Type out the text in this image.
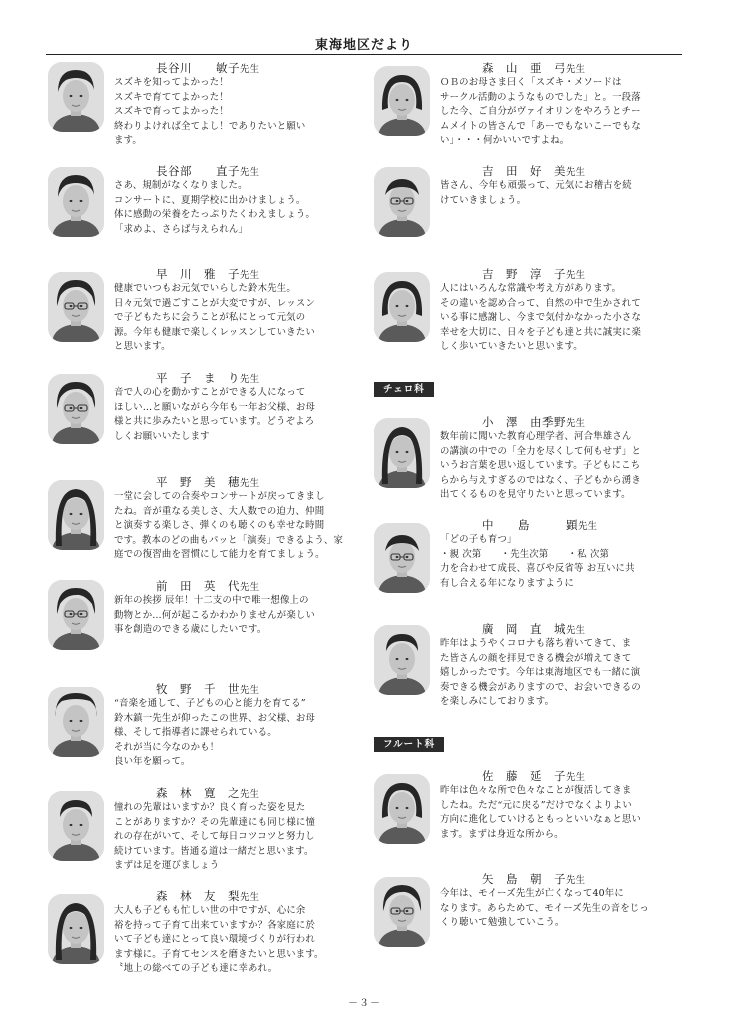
東海地区だより
長谷川　　敏子先生
スズキを知ってよかった！
スズキで育ててよかった！
スズキで育ってよかった！
終わりよければ全てよし！でありたいと願い
ます。
長谷部　　直子先生
さあ、規制がなくなりました。
コンサートに、夏期学校に出かけましょう。
体に感動の栄養をたっぷりたくわえましょう。
「求めよ、さらば与えられん」
早　川　雅　子先生
健康でいつもお元気でいらした鈴木先生。
日々元気で過ごすことが大変ですが、レッスン
で子どもたちに会うことが私にとって元気の
源。今年も健康で楽しくレッスンしていきたい
と思います。
平　子　ま　り先生
音で人の心を動かすことができる人になって
ほしい…と願いながら今年も一年お父様、お母
様と共に歩みたいと思っています。どうぞよろ
しくお願いいたします
平　野　美　穂先生
一堂に会しての合奏やコンサートが戻ってきまし
たね。音が重なる美しさ、大人数での迫力、仲間
と演奏する楽しさ、弾くのも聴くのも幸せな時間
です。教本のどの曲もパッと「演奏」できるよう、家
庭での復習曲を習慣にして能力を育てましょう。
前　田　英　代先生
新年の挨拶 辰年！十二支の中で唯一想像上の
動物とか…何が起こるかわかりませんが楽しい
事を創造のできる歳にしたいです。
牧　野　千　世先生
“音楽を通して、子どもの心と能力を育てる”
鈴木鎮一先生が仰ったこの世界、お父様、お母
様、そして指導者に課せられている。
それが当に今なのかも！
良い年を願って。
森　林　寛　之先生
憧れの先輩はいますか？良く育った姿を見た
ことがありますか？その先輩達にも同じ様に憧
れの存在がいて、そして毎日コツコツと努力し
続けています。皆通る道は一緒だと思います。
まずは足を運びましょう
森　林　友　梨先生
大人も子どもも忙しい世の中ですが、心に余
裕を持って子育て出来ていますか？各家庭に於
いて子ども達にとって良い環境づくりが行われ
ます様に。子育てセンスを磨きたいと思います。
〝地上の総べての子ども達に幸あれ。
森　山　亜　弓先生
ＯＢのお母さま曰く「スズキ・メソードは
サークル活動のようなものでした」と。一段落
した今、ご自分がヴァイオリンをやろうとチー
ムメイトの皆さんで「あーでもないこーでもな
い」・・・何かいいですよね。
吉　田　好　美先生
皆さん、今年も頑張って、元気にお稽古を続
けていきましょう。
吉　野　淳　子先生
人にはいろんな常識や考え方があります。
その違いを認め合って、自然の中で生かされて
いる事に感謝し、今まで気付かなかった小さな
幸せを大切に、日々を子ども達と共に誠実に楽
しく歩いていきたいと思います。
チェロ科
小　澤　由季野先生
数年前に聞いた教育心理学者、河合隼雄さん
の講演の中での「全力を尽くして何もせず」と
いうお言葉を思い返しています。子どもにこち
らから与えすぎるのではなく、子どもから湧き
出てくるものを見守りたいと思っています。
中　　島　　　顕先生
「どの子も育つ」
・親 次第　　・先生次第　　・私 次第
力を合わせて成長、喜びや反省等 お互いに共
有し合える年になりますように
廣　岡　直　城先生
昨年はようやくコロナも落ち着いてきて、ま
た皆さんの顔を拝見できる機会が増えてきて
嬉しかったです。今年は東海地区でも一緒に演
奏できる機会がありますので、お会いできるの
を楽しみにしております。
フルート科
佐　藤　延　子先生
昨年は色々な所で色々なことが復活してきま
したね。ただ“元に戻る”だけでなくよりよい
方向に進化していけるともっといいなぁと思い
ます。まずは身近な所から。
矢　島　朝　子先生
今年は、モイーズ先生が亡くなって40年に
なります。あらためて、モイーズ先生の音をじっ
くり聴いて勉強していこう。
－３－
